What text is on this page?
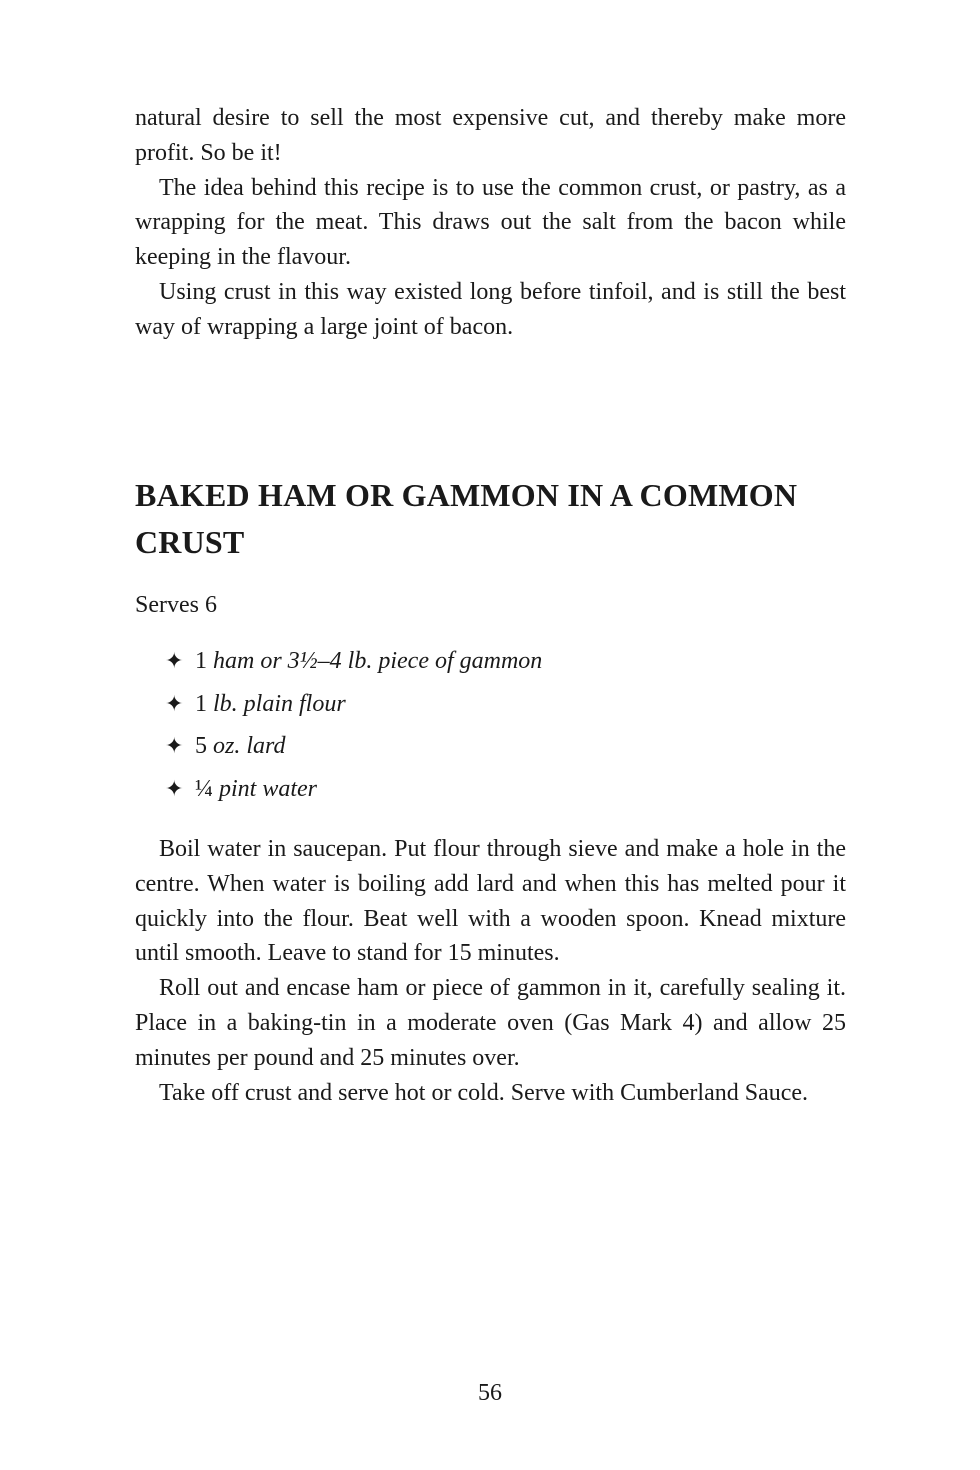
natural desire to sell the most expensive cut, and thereby make more profit. So be it!

The idea behind this recipe is to use the common crust, or pastry, as a wrapping for the meat. This draws out the salt from the bacon while keeping in the flavour.

Using crust in this way existed long before tinfoil, and is still the best way of wrapping a large joint of bacon.

BAKED HAM OR GAMMON IN A COMMON CRUST
Serves 6
✦ 1 ham or 3½–4 lb. piece of gammon
✦ 1 lb. plain flour
✦ 5 oz. lard
✦ ¼ pint water

Boil water in saucepan. Put flour through sieve and make a hole in the centre. When water is boiling add lard and when this has melted pour it quickly into the flour. Beat well with a wooden spoon. Knead mixture until smooth. Leave to stand for 15 minutes.

Roll out and encase ham or piece of gammon in it, carefully sealing it. Place in a baking-tin in a moderate oven (Gas Mark 4) and allow 25 minutes per pound and 25 minutes over.

Take off crust and serve hot or cold. Serve with Cumberland Sauce.

56
